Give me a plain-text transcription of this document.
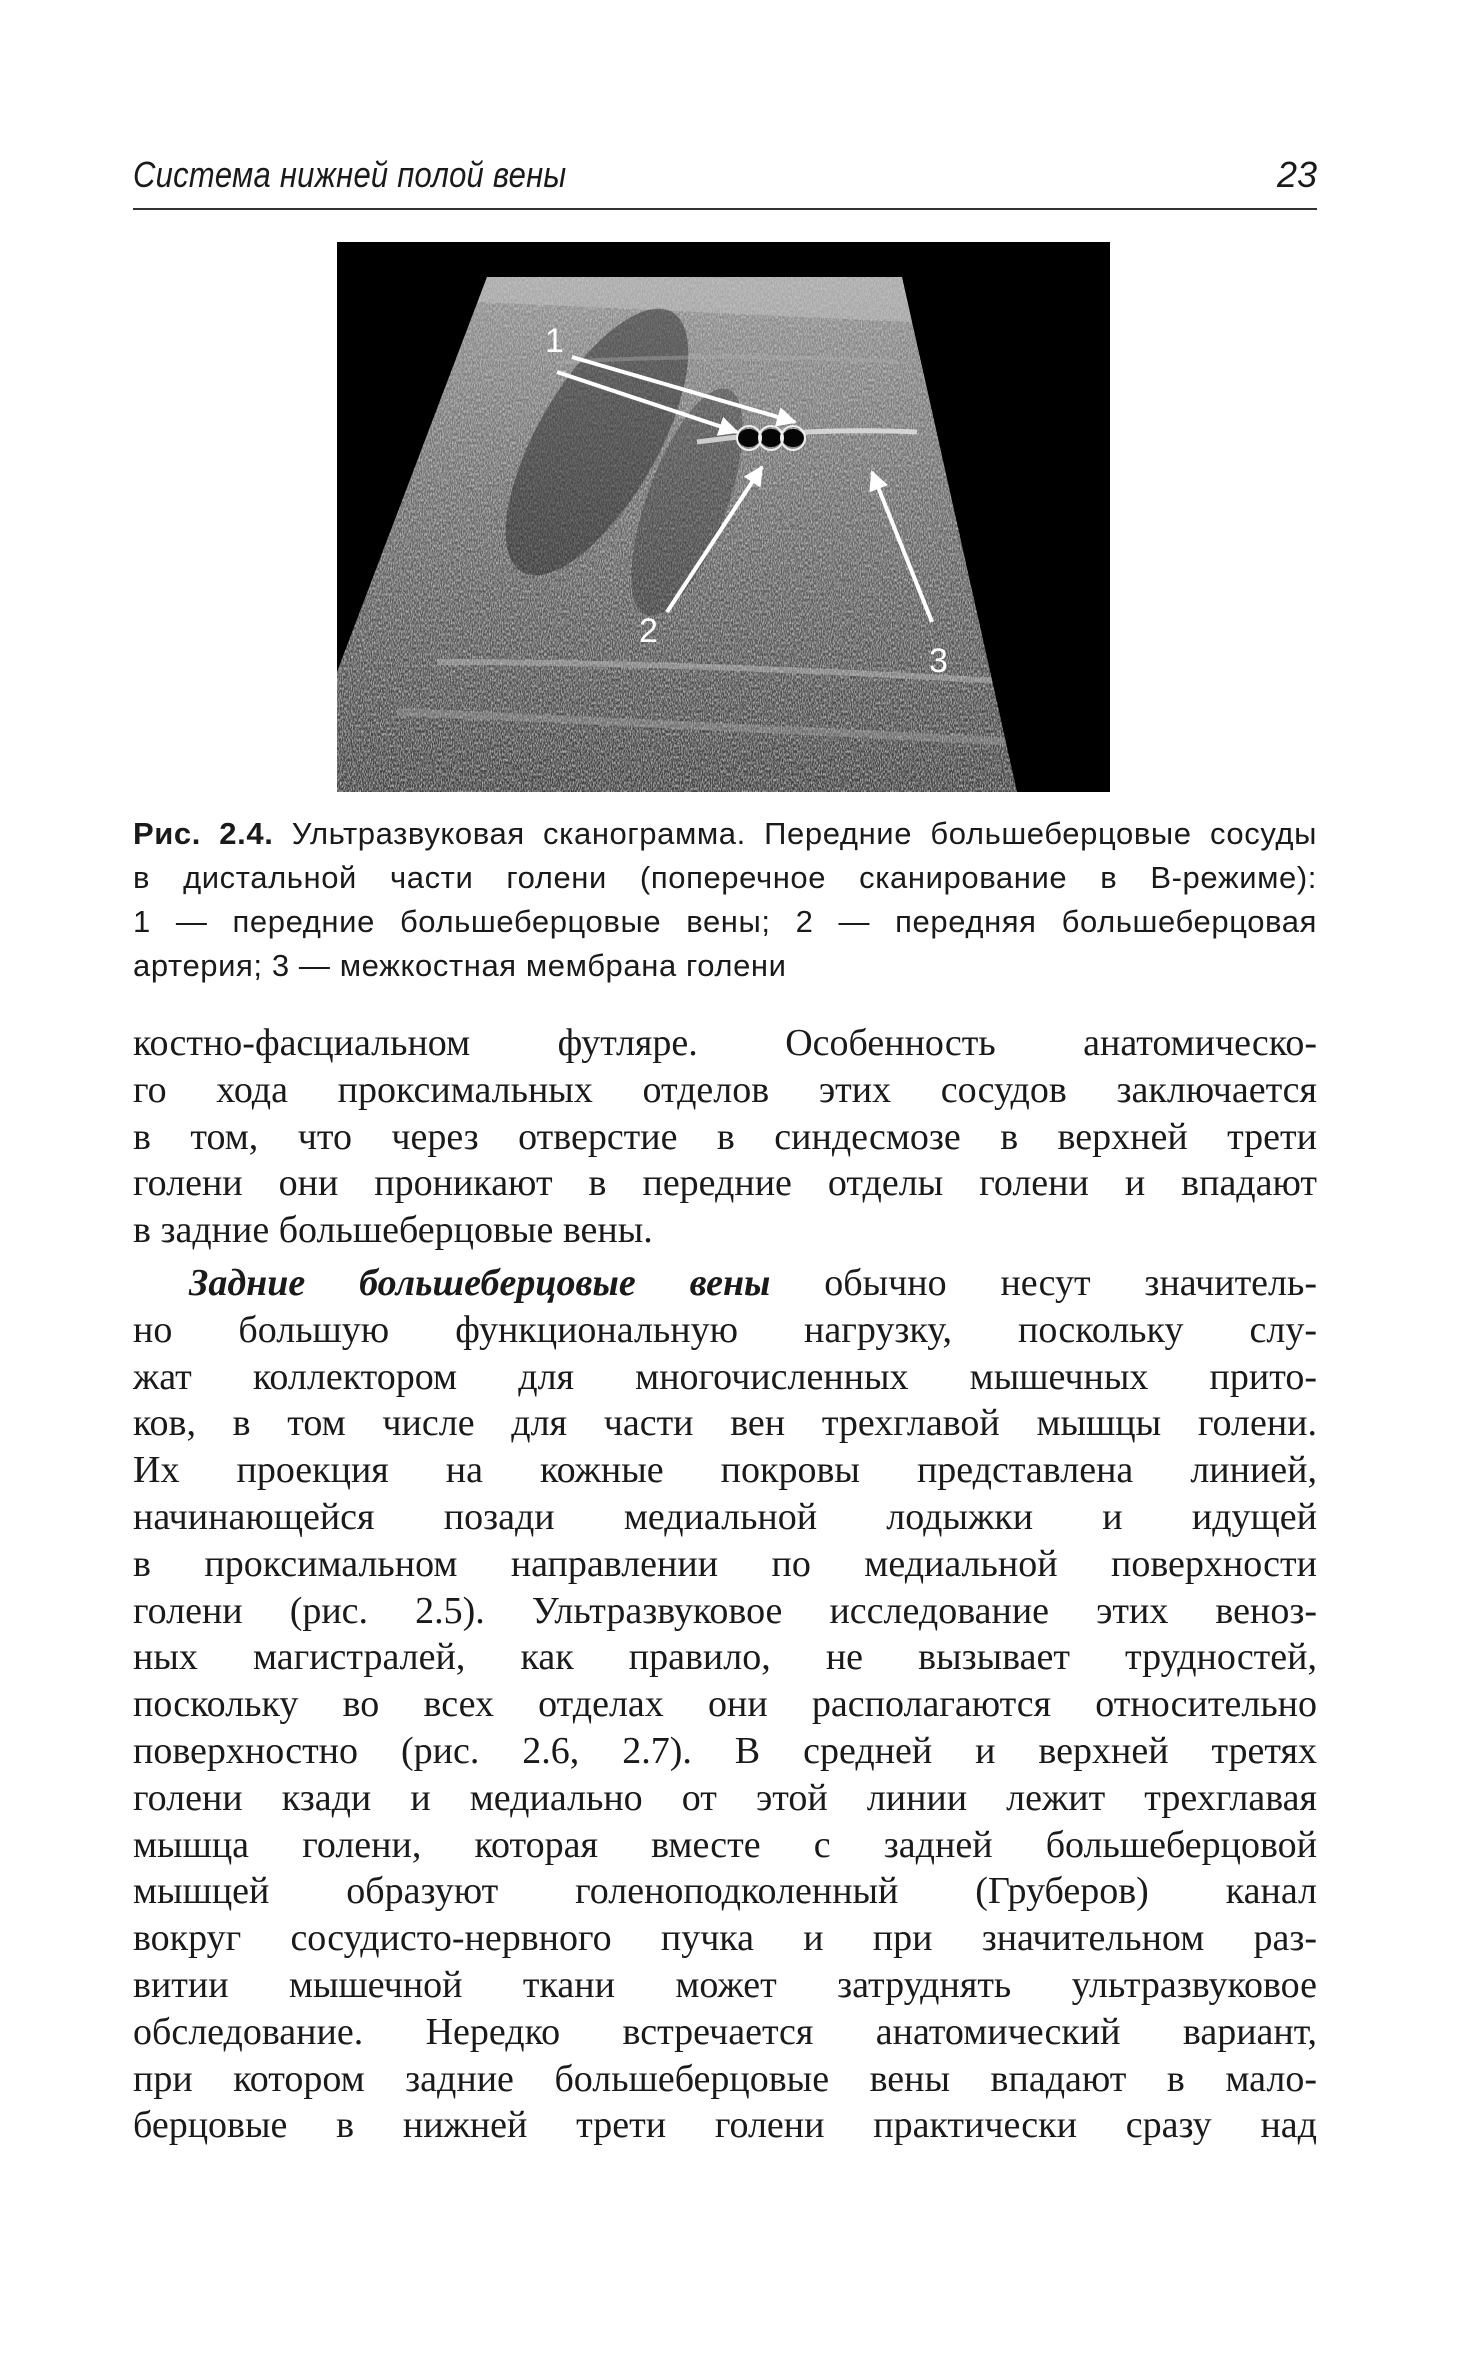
Система нижней полой вены	23
1
2
3
Рис. 2.4. Ультразвуковая сканограмма. Передние большеберцовые сосуды
в дистальной части голени (поперечное сканирование в В-режиме):
1 — передние большеберцовые вены; 2 — передняя большеберцовая
артерия; 3 — межкостная мембрана голени
костно-фасциальном футляре. Особенность анатомическо-
го хода проксимальных отделов этих сосудов заключается
в том, что через отверстие в синдесмозе в верхней трети
голени они проникают в передние отделы голени и впадают
в задние большеберцовые вены.
Задние большеберцовые вены обычно несут значитель-
но большую функциональную нагрузку, поскольку слу-
жат коллектором для многочисленных мышечных прито-
ков, в том числе для части вен трехглавой мышцы голени.
Их проекция на кожные покровы представлена линией,
начинающейся позади медиальной лодыжки и идущей
в проксимальном направлении по медиальной поверхности
голени (рис. 2.5). Ультразвуковое исследование этих веноз-
ных магистралей, как правило, не вызывает трудностей,
поскольку во всех отделах они располагаются относительно
поверхностно (рис. 2.6, 2.7). В средней и верхней третях
голени кзади и медиально от этой линии лежит трехглавая
мышца голени, которая вместе с задней большеберцовой
мышцей образуют голеноподколенный (Груберов) канал
вокруг сосудисто-нервного пучка и при значительном раз-
витии мышечной ткани может затруднять ультразвуковое
обследование. Нередко встречается анатомический вариант,
при котором задние большеберцовые вены впадают в мало-
берцовые в нижней трети голени практически сразу над
